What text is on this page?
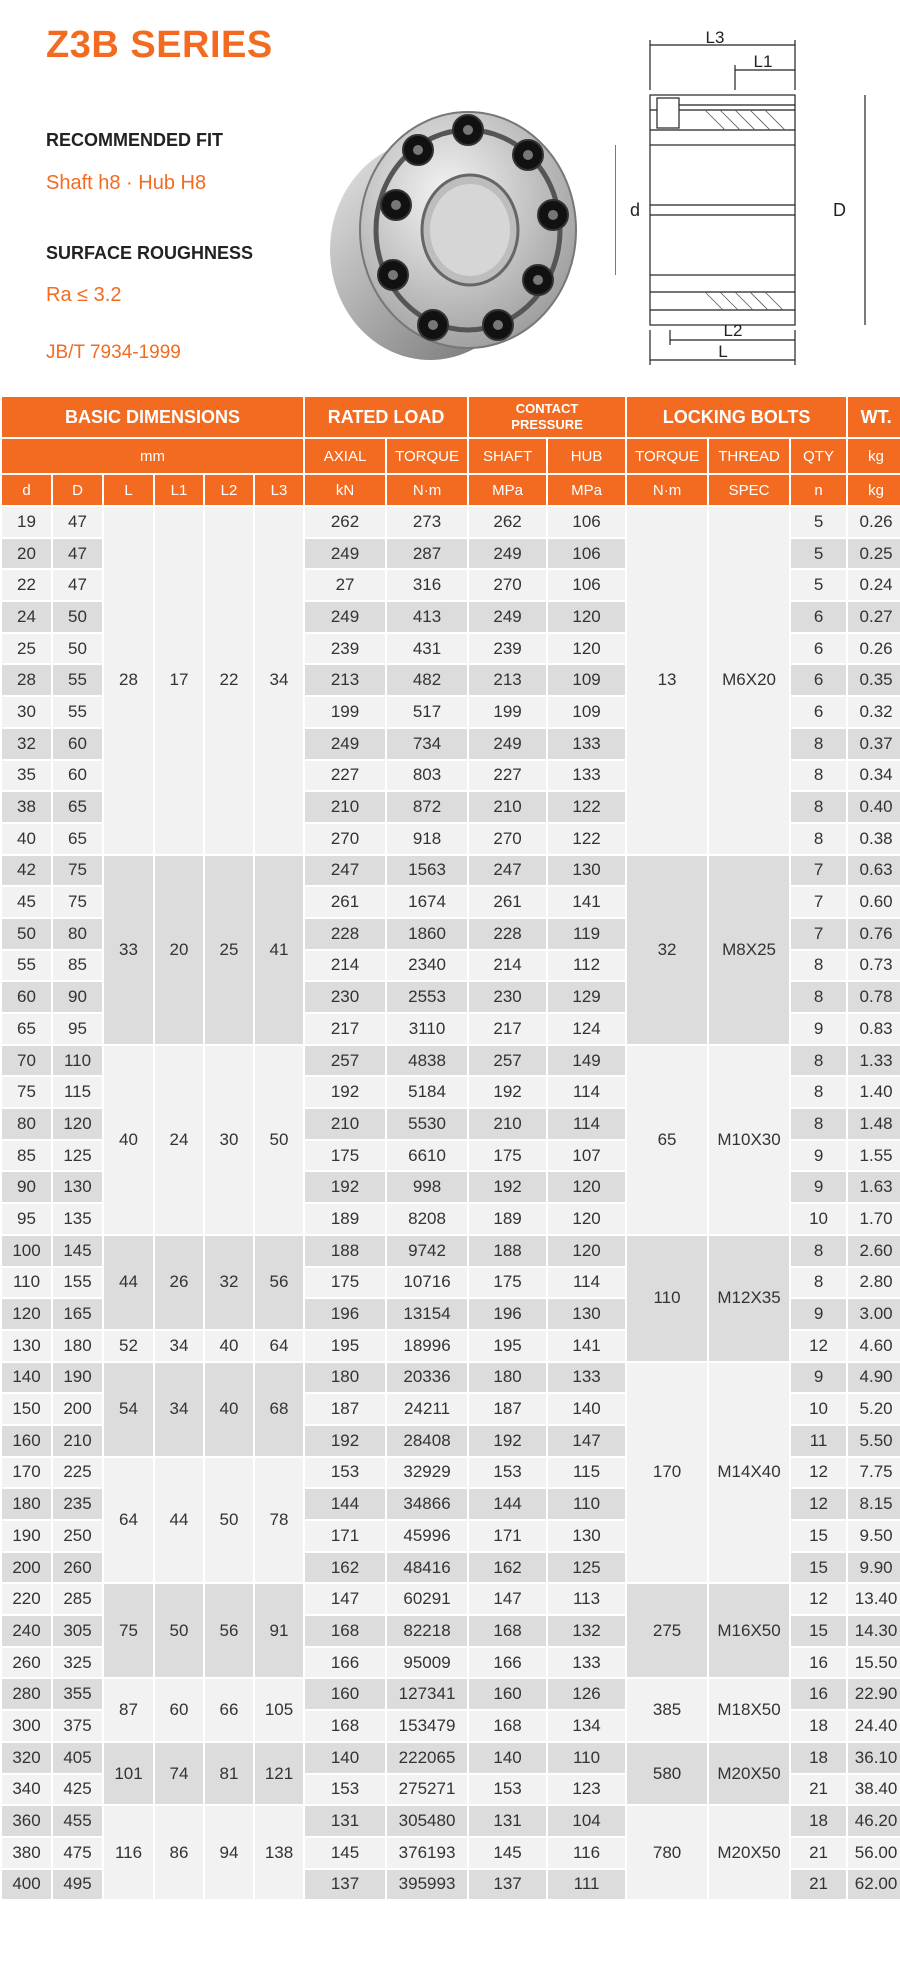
Z3B SERIES
RECOMMENDED FIT
Shaft h8 · Hub H8
SURFACE ROUGHNESS
Ra ≤ 3.2
JB/T 7934-1999
L3
L1
L2
L
d	D
BASIC DIMENSIONS						RATED LOAD		CONTACT PRESSURE		LOCKING BOLTS			WT.
mm						AXIAL	TORQUE	SHAFT	HUB	TORQUE	THREAD	QTY	kg
d	D	L	L1	L2	L3	kN	N·m	MPa	MPa	N·m	SPEC	n	kg
19	47	28	17	22	34	262	273	262	106	13	M6X20	5	0.26
20	47					249	287	249	106			5	0.25
22	47					27	316	270	106			5	0.24
24	50					249	413	249	120			6	0.27
25	50					239	431	239	120			6	0.26
28	55					213	482	213	109			6	0.35
30	55					199	517	199	109			6	0.32
32	60					249	734	249	133			8	0.37
35	60					227	803	227	133			8	0.34
38	65					210	872	210	122			8	0.40
40	65					270	918	270	122			8	0.38
42	75	33	20	25	41	247	1563	247	130	32	M8X25	7	0.63
45	75					261	1674	261	141			7	0.60
50	80					228	1860	228	119			7	0.76
55	85					214	2340	214	112			8	0.73
60	90					230	2553	230	129			8	0.78
65	95					217	3110	217	124			9	0.83
70	110	40	24	30	50	257	4838	257	149	65	M10X30	8	1.33
75	115					192	5184	192	114			8	1.40
80	120					210	5530	210	114			8	1.48
85	125					175	6610	175	107			9	1.55
90	130					192	998	192	120			9	1.63
95	135					189	8208	189	120			10	1.70
100	145	44	26	32	56	188	9742	188	120	110	M12X35	8	2.60
110	155					175	10716	175	114			8	2.80
120	165					196	13154	196	130			9	3.00
130	180	52	34	40	64	195	18996	195	141			12	4.60
140	190	54	34	40	68	180	20336	180	133	170	M14X40	9	4.90
150	200					187	24211	187	140			10	5.20
160	210					192	28408	192	147			11	5.50
170	225	64	44	50	78	153	32929	153	115			12	7.75
180	235					144	34866	144	110			12	8.15
190	250					171	45996	171	130			15	9.50
200	260					162	48416	162	125			15	9.90
220	285	75	50	56	91	147	60291	147	113	275	M16X50	12	13.40
240	305					168	82218	168	132			15	14.30
260	325					166	95009	166	133			16	15.50
280	355	87	60	66	105	160	127341	160	126	385	M18X50	16	22.90
300	375					168	153479	168	134			18	24.40
320	405	101	74	81	121	140	222065	140	110	580	M20X50	18	36.10
340	425					153	275271	153	123			21	38.40
360	455	116	86	94	138	131	305480	131	104	780	M20X50	18	46.20
380	475					145	376193	145	116			21	56.00
400	495					137	395993	137	111			21	62.00
